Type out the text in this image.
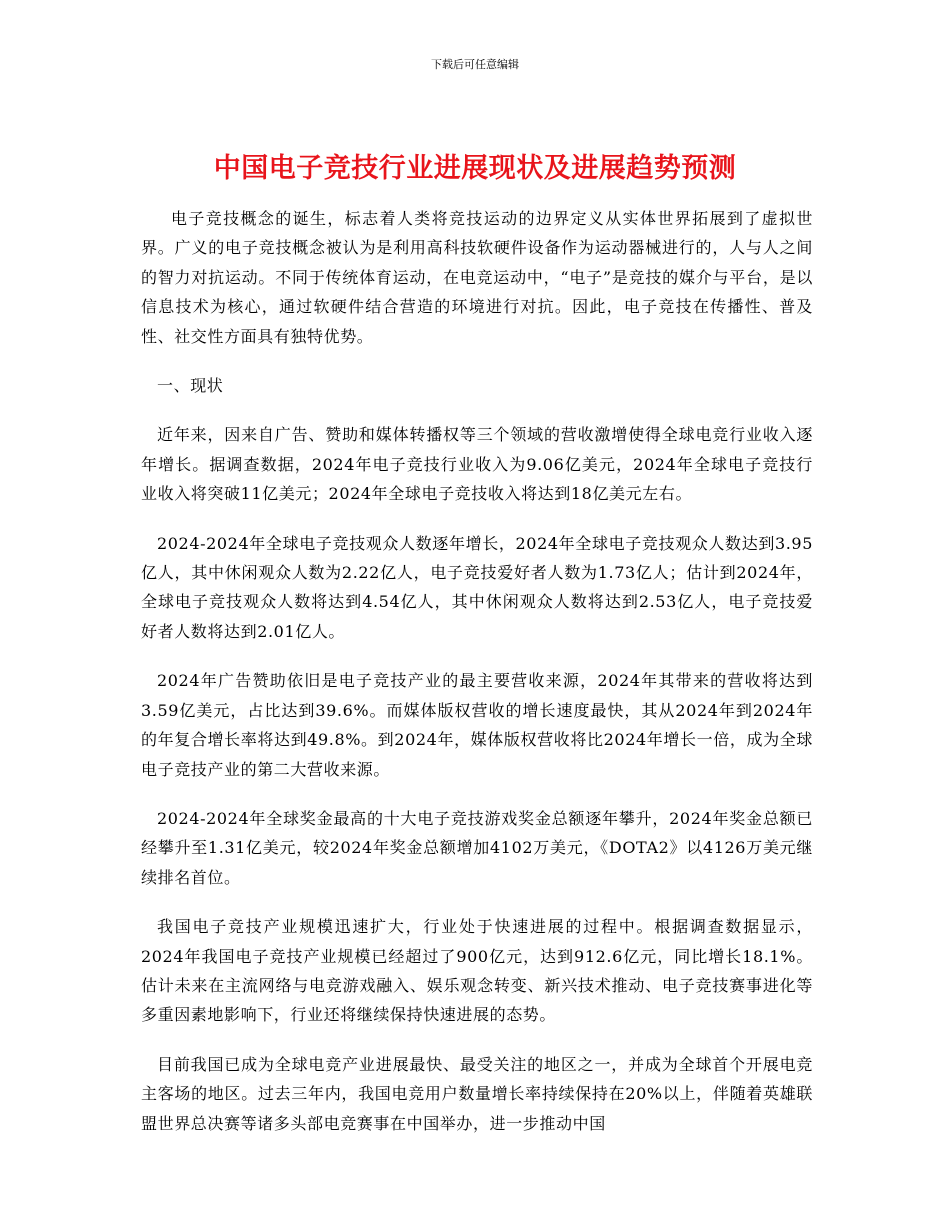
下载后可任意编辑
中国电子竞技行业进展现状及进展趋势预测

电子竞技概念的诞生，标志着人类将竞技运动的边界定义从实体世界拓展到了虚拟世界。广义的电子竞技概念被认为是利用高科技软硬件设备作为运动器械进行的，人与人之间的智力对抗运动。不同于传统体育运动，在电竞运动中，“电子”是竞技的媒介与平台，是以信息技术为核心，通过软硬件结合营造的环境进行对抗。因此，电子竞技在传播性、普及性、社交性方面具有独特优势。

一、现状

近年来，因来自广告、赞助和媒体转播权等三个领域的营收激增使得全球电竞行业收入逐年增长。据调查数据，2024年电子竞技行业收入为9.06亿美元，2024年全球电子竞技行业收入将突破11亿美元；2024年全球电子竞技收入将达到18亿美元左右。

2024-2024年全球电子竞技观众人数逐年增长，2024年全球电子竞技观众人数达到3.95亿人，其中休闲观众人数为2.22亿人，电子竞技爱好者人数为1.73亿人；估计到2024年，全球电子竞技观众人数将达到4.54亿人，其中休闲观众人数将达到2.53亿人，电子竞技爱好者人数将达到2.01亿人。

2024年广告赞助依旧是电子竞技产业的最主要营收来源，2024年其带来的营收将达到3.59亿美元，占比达到39.6%。而媒体版权营收的增长速度最快，其从2024年到2024年的年复合增长率将达到49.8%。到2024年，媒体版权营收将比2024年增长一倍，成为全球电子竞技产业的第二大营收来源。

2024-2024年全球奖金最高的十大电子竞技游戏奖金总额逐年攀升，2024年奖金总额已经攀升至1.31亿美元，较2024年奖金总额增加4102万美元，《DOTA2》以4126万美元继续排名首位。

我国电子竞技产业规模迅速扩大，行业处于快速进展的过程中。根据调查数据显示，2024年我国电子竞技产业规模已经超过了900亿元，达到912.6亿元，同比增长18.1%。估计未来在主流网络与电竞游戏融入、娱乐观念转变、新兴技术推动、电子竞技赛事进化等多重因素地影响下，行业还将继续保持快速进展的态势。

目前我国已成为全球电竞产业进展最快、最受关注的地区之一，并成为全球首个开展电竞主客场的地区。过去三年内，我国电竞用户数量增长率持续保持在20%以上，伴随着英雄联盟世界总决赛等诸多头部电竞赛事在中国举办，进一步推动中国
